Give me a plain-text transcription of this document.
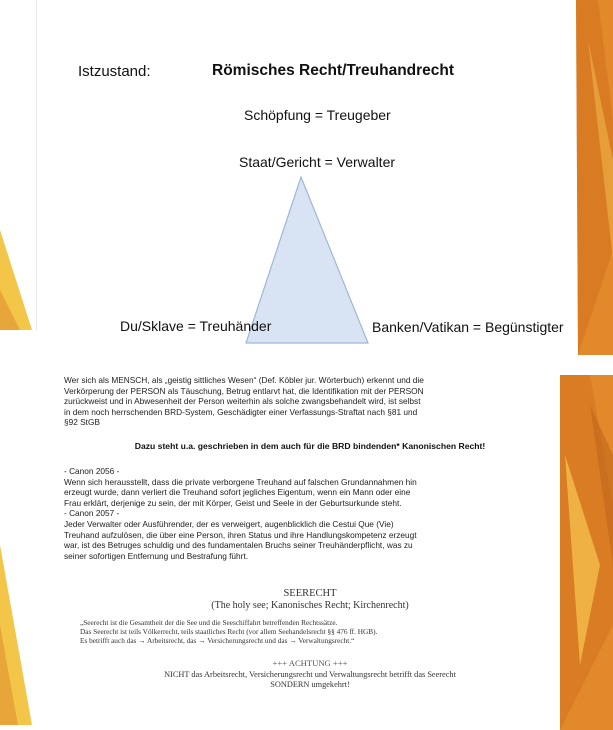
Istzustand:	Römisches Recht/Treuhandrecht
Schöpfung = Treugeber
Staat/Gericht = Verwalter
Du/Sklave = Treuhänder	Banken/Vatikan = Begünstigter
Wer sich als MENSCH, als „geistig sittliches Wesen“ (Def. Köbler jur. Wörterbuch) erkennt und die
Verkörperung der PERSON als Täuschung, Betrug entlarvt hat, die Identifikation mit der PERSON
zurückweist und in Abwesenheit der Person weiterhin als solche zwangsbehandelt wird, ist selbst
in dem noch herrschenden BRD-System, Geschädigter einer Verfassungs-Straftat nach §81 und
§92 StGB
Dazu steht u.a. geschrieben in dem auch für die BRD bindenden* Kanonischen Recht!
- Canon 2056 -
Wenn sich herausstellt, dass die private verborgene Treuhand auf falschen Grundannahmen hin
erzeugt wurde, dann verliert die Treuhand sofort jegliches Eigentum, wenn ein Mann oder eine
Frau erklärt, derjenige zu sein, der mit Körper, Geist und Seele in der Geburtsurkunde steht.
- Canon 2057 -
Jeder Verwalter oder Ausführender, der es verweigert, augenblicklich die Cestui Que (Vie)
Treuhand aufzulösen, die über eine Person, ihren Status und ihre Handlungskompetenz erzeugt
war, ist des Betruges schuldig und des fundamentalen Bruchs seiner Treuhänderpflicht, was zu
seiner sofortigen Entfernung und Bestrafung führt.
SEERECHT
(The holy see; Kanonisches Recht; Kirchenrecht)
„Seerecht ist die Gesamtheit der die See und die Seeschiffahrt betreffenden Rechtssätze.
Das Seerecht ist teils Völkerrecht, teils staatliches Recht (vor allem Seehandelsrecht §§ 476 ff. HGB).
Es betrifft auch das → Arbeitsrecht, das → Versicherungsrecht und das → Verwaltungsrecht.“
+++ ACHTUNG +++
NICHT das Arbeitsrecht, Versicherungsrecht und Verwaltungsrecht betrifft das Seerecht
SONDERN umgekehrt!
